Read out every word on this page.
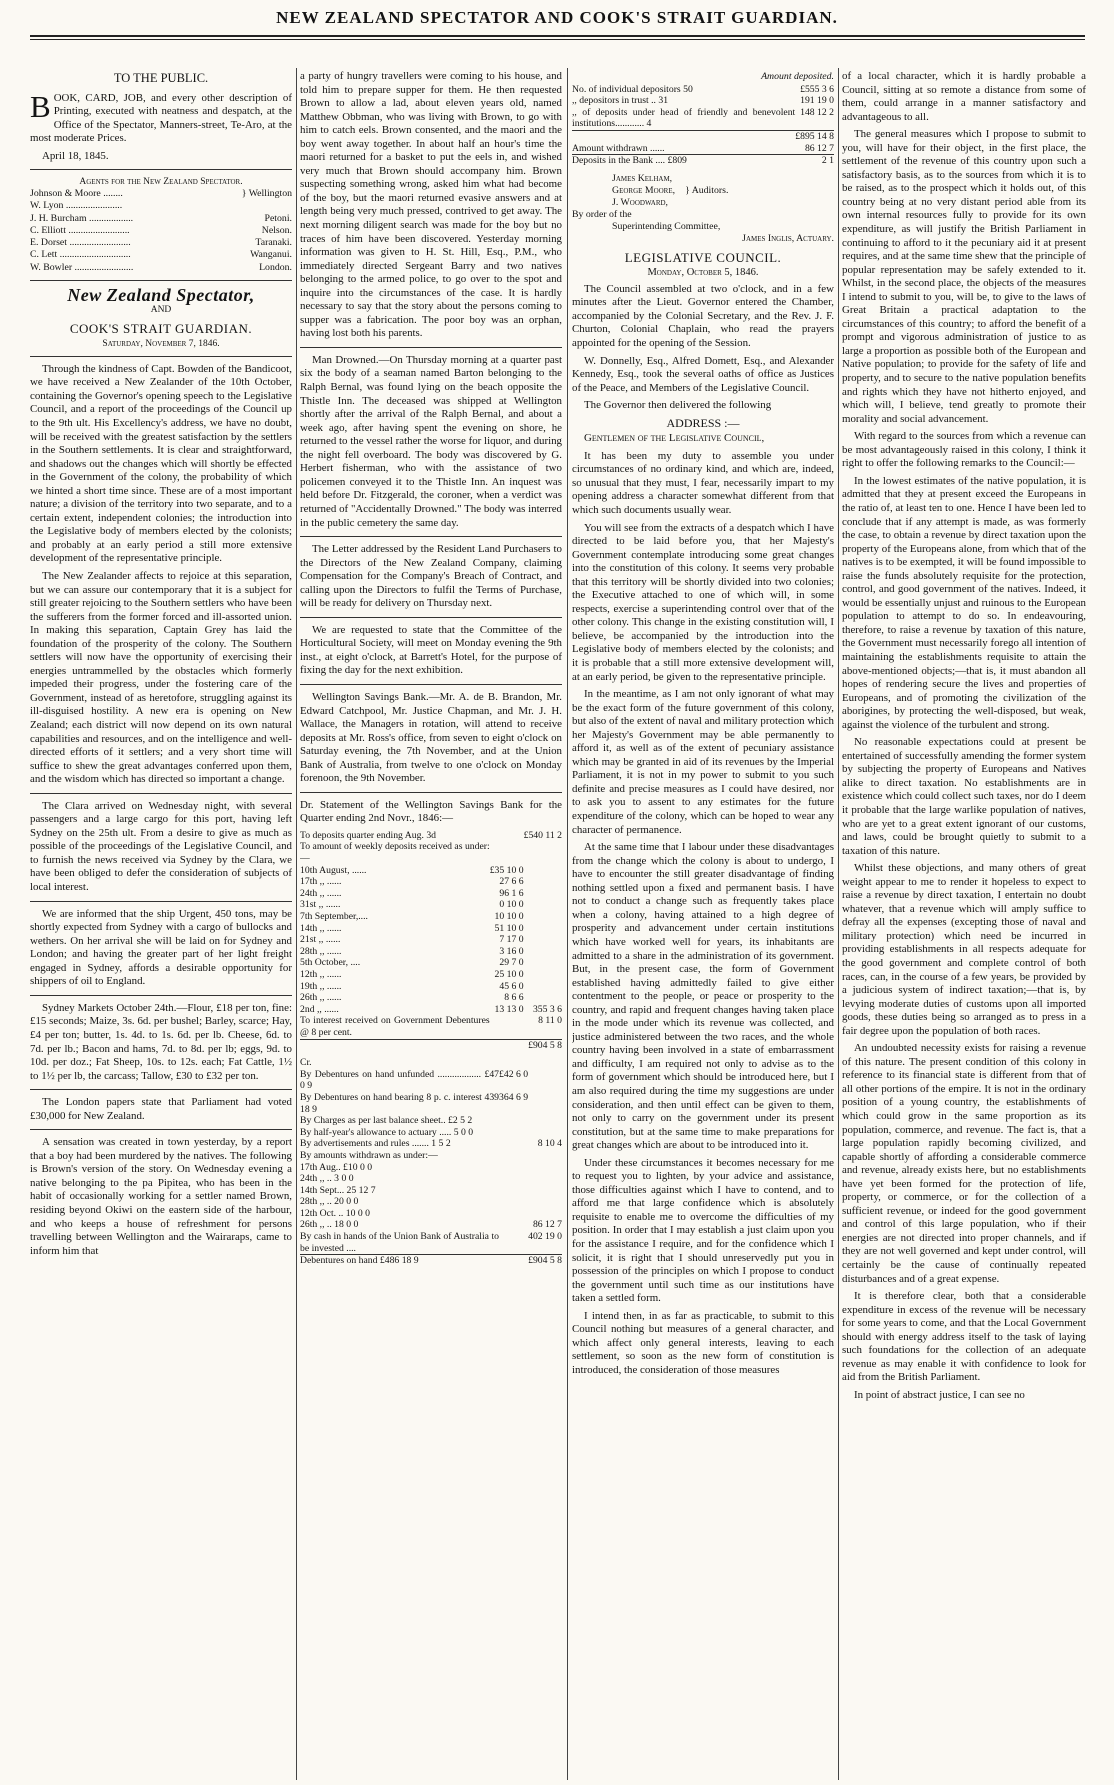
NEW ZEALAND SPECTATOR AND COOK'S STRAIT GUARDIAN.
TO THE PUBLIC.

BOOK, CARD, JOB, and every other description of Printing, executed with neatness and despatch, at the Office of the Spectator, Manners-street, Te-Aro, at the most moderate Prices.

April 18, 1845.

Agents for the New Zealand Spectator.
Johnson & Moore ........	} Wellington
W. Lyon .......................
J. H. Burcham ..................	Petoni.
C. Elliott .........................	Nelson.
E. Dorset .........................	Taranaki.
C. Lett .............................	Wanganui.
W. Bowler ........................	London.
New Zealand Spectator,
AND
COOK'S STRAIT GUARDIAN.
Saturday, November 7, 1846.

Through the kindness of Capt. Bowden of the Bandicoot, we have received a New Zealander of the 10th October, containing the Governor's opening speech to the Legislative Council, and a report of the proceedings of the Council up to the 9th ult. His Excellency's address, we have no doubt, will be received with the greatest satisfaction by the settlers in the Southern settlements. It is clear and straightforward, and shadows out the changes which will shortly be effected in the Government of the colony, the probability of which we hinted a short time since. These are of a most important nature; a division of the territory into two separate, and to a certain extent, independent colonies; the introduction into the Legislative body of members elected by the colonists; and probably at an early period a still more extensive development of the representative principle.

The New Zealander affects to rejoice at this separation, but we can assure our contemporary that it is a subject for still greater rejoicing to the Southern settlers who have been the sufferers from the former forced and ill-assorted union. In making this separation, Captain Grey has laid the foundation of the prosperity of the colony. The Southern settlers will now have the opportunity of exercising their energies untrammelled by the obstacles which formerly impeded their progress, under the fostering care of the Government, instead of as heretofore, struggling against its ill-disguised hostility. A new era is opening on New Zealand; each district will now depend on its own natural capabilities and resources, and on the intelligence and well-directed efforts of it settlers; and a very short time will suffice to shew the great advantages conferred upon them, and the wisdom which has directed so important a change.

The Clara arrived on Wednesday night, with several passengers and a large cargo for this port, having left Sydney on the 25th ult. From a desire to give as much as possible of the proceedings of the Legislative Council, and to furnish the news received via Sydney by the Clara, we have been obliged to defer the consideration of subjects of local interest.

We are informed that the ship Urgent, 450 tons, may be shortly expected from Sydney with a cargo of bullocks and wethers. On her arrival she will be laid on for Sydney and London; and having the greater part of her light freight engaged in Sydney, affords a desirable opportunity for shippers of oil to England.

Sydney Markets October 24th.—Flour, £18 per ton, fine: £15 seconds; Maize, 3s. 6d. per bushel; Barley, scarce; Hay, £4 per ton; butter, 1s. 4d. to 1s. 6d. per lb. Cheese, 6d. to 7d. per lb.; Bacon and hams, 7d. to 8d. per lb; eggs, 9d. to 10d. per doz.; Fat Sheep, 10s. to 12s. each; Fat Cattle, 1½ to 1½ per lb, the carcass; Tallow, £30 to £32 per ton.

The London papers state that Parliament had voted £30,000 for New Zealand.

A sensation was created in town yesterday, by a report that a boy had been murdered by the natives. The following is Brown's version of the story. On Wednesday evening a native belonging to the pa Pipitea, who has been in the habit of occasionally working for a settler named Brown, residing beyond Okiwi on the eastern side of the harbour, and who keeps a house of refreshment for persons travelling between Wellington and the Wairaraps, came to inform him that

a party of hungry travellers were coming to his house, and told him to prepare supper for them. He then requested Brown to allow a lad, about eleven years old, named Matthew Obbman, who was living with Brown, to go with him to catch eels. Brown consented, and the maori and the boy went away together. In about half an hour's time the maori returned for a basket to put the eels in, and wished very much that Brown should accompany him. Brown suspecting something wrong, asked him what had become of the boy, but the maori returned evasive answers and at length being very much pressed, contrived to get away. The next morning diligent search was made for the boy but no traces of him have been discovered. Yesterday morning information was given to H. St. Hill, Esq., P.M., who immediately directed Sergeant Barry and two natives belonging to the armed police, to go over to the spot and inquire into the circumstances of the case. It is hardly necessary to say that the story about the persons coming to supper was a fabrication. The poor boy was an orphan, having lost both his parents.

Man Drowned.—On Thursday morning at a quarter past six the body of a seaman named Barton belonging to the Ralph Bernal, was found lying on the beach opposite the Thistle Inn. The deceased was shipped at Wellington shortly after the arrival of the Ralph Bernal, and about a week ago, after having spent the evening on shore, he returned to the vessel rather the worse for liquor, and during the night fell overboard. The body was discovered by G. Herbert fisherman, who with the assistance of two policemen conveyed it to the Thistle Inn. An inquest was held before Dr. Fitzgerald, the coroner, when a verdict was returned of "Accidentally Drowned." The body was interred in the public cemetery the same day.

The Letter addressed by the Resident Land Purchasers to the Directors of the New Zealand Company, claiming Compensation for the Company's Breach of Contract, and calling upon the Directors to fulfil the Terms of Purchase, will be ready for delivery on Thursday next.

We are requested to state that the Committee of the Horticultural Society, will meet on Monday evening the 9th inst., at eight o'clock, at Barrett's Hotel, for the purpose of fixing the day for the next exhibition.

Wellington Savings Bank.—Mr. A. de B. Brandon, Mr. Edward Catchpool, Mr. Justice Chapman, and Mr. J. H. Wallace, the Managers in rotation, will attend to receive deposits at Mr. Ross's office, from seven to eight o'clock on Saturday evening, the 7th November, and at the Union Bank of Australia, from twelve to one o'clock on Monday forenoon, the 9th November.

Dr. Statement of the Wellington Savings Bank for the Quarter ending 2nd Novr., 1846:—

To deposits quarter ending Aug. 3d		£540 11 2
To amount of weekly deposits received as under:—		
10th August, ......	£35 10 0	
17th ,, ......	27 6 6	
24th ,, ......	96 1 6	
31st ,, ......	0 10 0	
7th September,....	10 10 0	
14th ,, ......	51 10 0	
21st ,, ......	7 17 0	
28th ,, ......	3 16 0	
5th October, ....	29 7 0	
12th ,, ......	25 10 0	
19th ,, ......	45 6 0	
26th ,, ......	8 6 6	
2nd ,, ......	13 13 0	355 3 6
To interest received on Government Debentures @ 8 per cent.		8 11 0
		£904 5 8
Cr.		
By Debentures on hand unfunded .................. £47 0 9	£42 6 0	
By Debentures on hand bearing 8 p. c. interest 439 18 9	364 6 9	
By Charges as per last balance sheet.. £2 5 2		
By half-year's allowance to actuary ..... 5 0 0		
By advertisements and rules ....... 1 5 2		8 10 4
By amounts withdrawn as under:—		
17th Aug.. £10 0 0		
24th ,, .. 3 0 0		
14th Sept... 25 12 7		
28th ,, .. 20 0 0		
12th Oct. .. 10 0 0		
26th ,, .. 18 0 0		86 12 7
By cash in hands of the Union Bank of Australia to be invested ....		402 19 0
Debentures on hand £486 18 9		£904 5 8
Amount deposited.
No. of individual depositors 50	£555 3 6
,, depositors in trust .. 31	191 19 0
,, of deposits under head of friendly and benevolent institutions............ 4	148 12 2
	£895 14 8
Amount withdrawn ......	86 12 7
Deposits in the Bank .... £809	2 1
James Kelham,
George Moore,
J. Woodward,
} Auditors.
By order of the
Superintending Committee,
James Inglis, Actuary.
LEGISLATIVE COUNCIL.
Monday, October 5, 1846.

The Council assembled at two o'clock, and in a few minutes after the Lieut. Governor entered the Chamber, accompanied by the Colonial Secretary, and the Rev. J. F. Churton, Colonial Chaplain, who read the prayers appointed for the opening of the Session.

W. Donnelly, Esq., Alfred Domett, Esq., and Alexander Kennedy, Esq., took the several oaths of office as Justices of the Peace, and Members of the Legislative Council.

The Governor then delivered the following

ADDRESS :—

Gentlemen of the Legislative Council,

It has been my duty to assemble you under circumstances of no ordinary kind, and which are, indeed, so unusual that they must, I fear, necessarily impart to my opening address a character somewhat different from that which such documents usually wear.

You will see from the extracts of a despatch which I have directed to be laid before you, that her Majesty's Government contemplate introducing some great changes into the constitution of this colony. It seems very probable that this territory will be shortly divided into two colonies; the Executive attached to one of which will, in some respects, exercise a superintending control over that of the other colony. This change in the existing constitution will, I believe, be accompanied by the introduction into the Legislative body of members elected by the colonists; and it is probable that a still more extensive development will, at an early period, be given to the representative principle.

In the meantime, as I am not only ignorant of what may be the exact form of the future government of this colony, but also of the extent of naval and military protection which her Majesty's Government may be able permanently to afford it, as well as of the extent of pecuniary assistance which may be granted in aid of its revenues by the Imperial Parliament, it is not in my power to submit to you such definite and precise measures as I could have desired, nor to ask you to assent to any estimates for the future expenditure of the colony, which can be hoped to wear any character of permanence.

At the same time that I labour under these disadvantages from the change which the colony is about to undergo, I have to encounter the still greater disadvantage of finding nothing settled upon a fixed and permanent basis. I have not to conduct a change such as frequently takes place when a colony, having attained to a high degree of prosperity and advancement under certain institutions which have worked well for years, its inhabitants are admitted to a share in the administration of its government. But, in the present case, the form of Government established having admittedly failed to give either contentment to the people, or peace or prosperity to the country, and rapid and frequent changes having taken place in the mode under which its revenue was collected, and justice administered between the two races, and the whole country having been involved in a state of embarrassment and difficulty, I am required not only to advise as to the form of government which should be introduced here, but I am also required during the time my suggestions are under consideration, and then until effect can be given to them, not only to carry on the government under its present constitution, but at the same time to make preparations for great changes which are about to be introduced into it.

Under these circumstances it becomes necessary for me to request you to lighten, by your advice and assistance, those difficulties against which I have to contend, and to afford me that large confidence which is absolutely requisite to enable me to overcome the difficulties of my position. In order that I may establish a just claim upon you for the assistance I require, and for the confidence which I solicit, it is right that I should unreservedly put you in possession of the principles on which I propose to conduct the government until such time as our institutions have taken a settled form.

I intend then, in as far as practicable, to submit to this Council nothing but measures of a general character, and which affect only general interests, leaving to each settlement, so soon as the new form of constitution is introduced, the consideration of those measures

of a local character, which it is hardly probable a Council, sitting at so remote a distance from some of them, could arrange in a manner satisfactory and advantageous to all.

The general measures which I propose to submit to you, will have for their object, in the first place, the settlement of the revenue of this country upon such a satisfactory basis, as to the sources from which it is to be raised, as to the prospect which it holds out, of this country being at no very distant period able from its own internal resources fully to provide for its own expenditure, as will justify the British Parliament in continuing to afford to it the pecuniary aid it at present requires, and at the same time shew that the principle of popular representation may be safely extended to it. Whilst, in the second place, the objects of the measures I intend to submit to you, will be, to give to the laws of Great Britain a practical adaptation to the circumstances of this country; to afford the benefit of a prompt and vigorous administration of justice to as large a proportion as possible both of the European and Native population; to provide for the safety of life and property, and to secure to the native population benefits and rights which they have not hitherto enjoyed, and which will, I believe, tend greatly to promote their morality and social advancement.

With regard to the sources from which a revenue can be most advantageously raised in this colony, I think it right to offer the following remarks to the Council:—

In the lowest estimates of the native population, it is admitted that they at present exceed the Europeans in the ratio of, at least ten to one. Hence I have been led to conclude that if any attempt is made, as was formerly the case, to obtain a revenue by direct taxation upon the property of the Europeans alone, from which that of the natives is to be exempted, it will be found impossible to raise the funds absolutely requisite for the protection, control, and good government of the natives. Indeed, it would be essentially unjust and ruinous to the European population to attempt to do so. In endeavouring, therefore, to raise a revenue by taxation of this nature, the Government must necessarily forego all intention of maintaining the establishments requisite to attain the above-mentioned objects;—that is, it must abandon all hopes of rendering secure the lives and properties of Europeans, and of promoting the civilization of the aborigines, by protecting the well-disposed, but weak, against the violence of the turbulent and strong.

No reasonable expectations could at present be entertained of successfully amending the former system by subjecting the property of Europeans and Natives alike to direct taxation. No establishments are in existence which could collect such taxes, nor do I deem it probable that the large warlike population of natives, who are yet to a great extent ignorant of our customs, and laws, could be brought quietly to submit to a taxation of this nature.

Whilst these objections, and many others of great weight appear to me to render it hopeless to expect to raise a revenue by direct taxation, I entertain no doubt whatever, that a revenue which will amply suffice to defray all the expenses (excepting those of naval and military protection) which need be incurred in providing establishments in all respects adequate for the good government and complete control of both races, can, in the course of a few years, be provided by a judicious system of indirect taxation;—that is, by levying moderate duties of customs upon all imported goods, these duties being so arranged as to press in a fair degree upon the population of both races.

An undoubted necessity exists for raising a revenue of this nature. The present condition of this colony in reference to its financial state is different from that of all other portions of the empire. It is not in the ordinary position of a young country, the establishments of which could grow in the same proportion as its population, commerce, and revenue. The fact is, that a large population rapidly becoming civilized, and capable shortly of affording a considerable commerce and revenue, already exists here, but no establishments have yet been formed for the protection of life, property, or commerce, or for the collection of a sufficient revenue, or indeed for the good government and control of this large population, who if their energies are not directed into proper channels, and if they are not well governed and kept under control, will certainly be the cause of continually repeated disturbances and of a great expense.

It is therefore clear, both that a considerable expenditure in excess of the revenue will be necessary for some years to come, and that the Local Government should with energy address itself to the task of laying such foundations for the collection of an adequate revenue as may enable it with confidence to look for aid from the British Parliament.

In point of abstract justice, I can see no
